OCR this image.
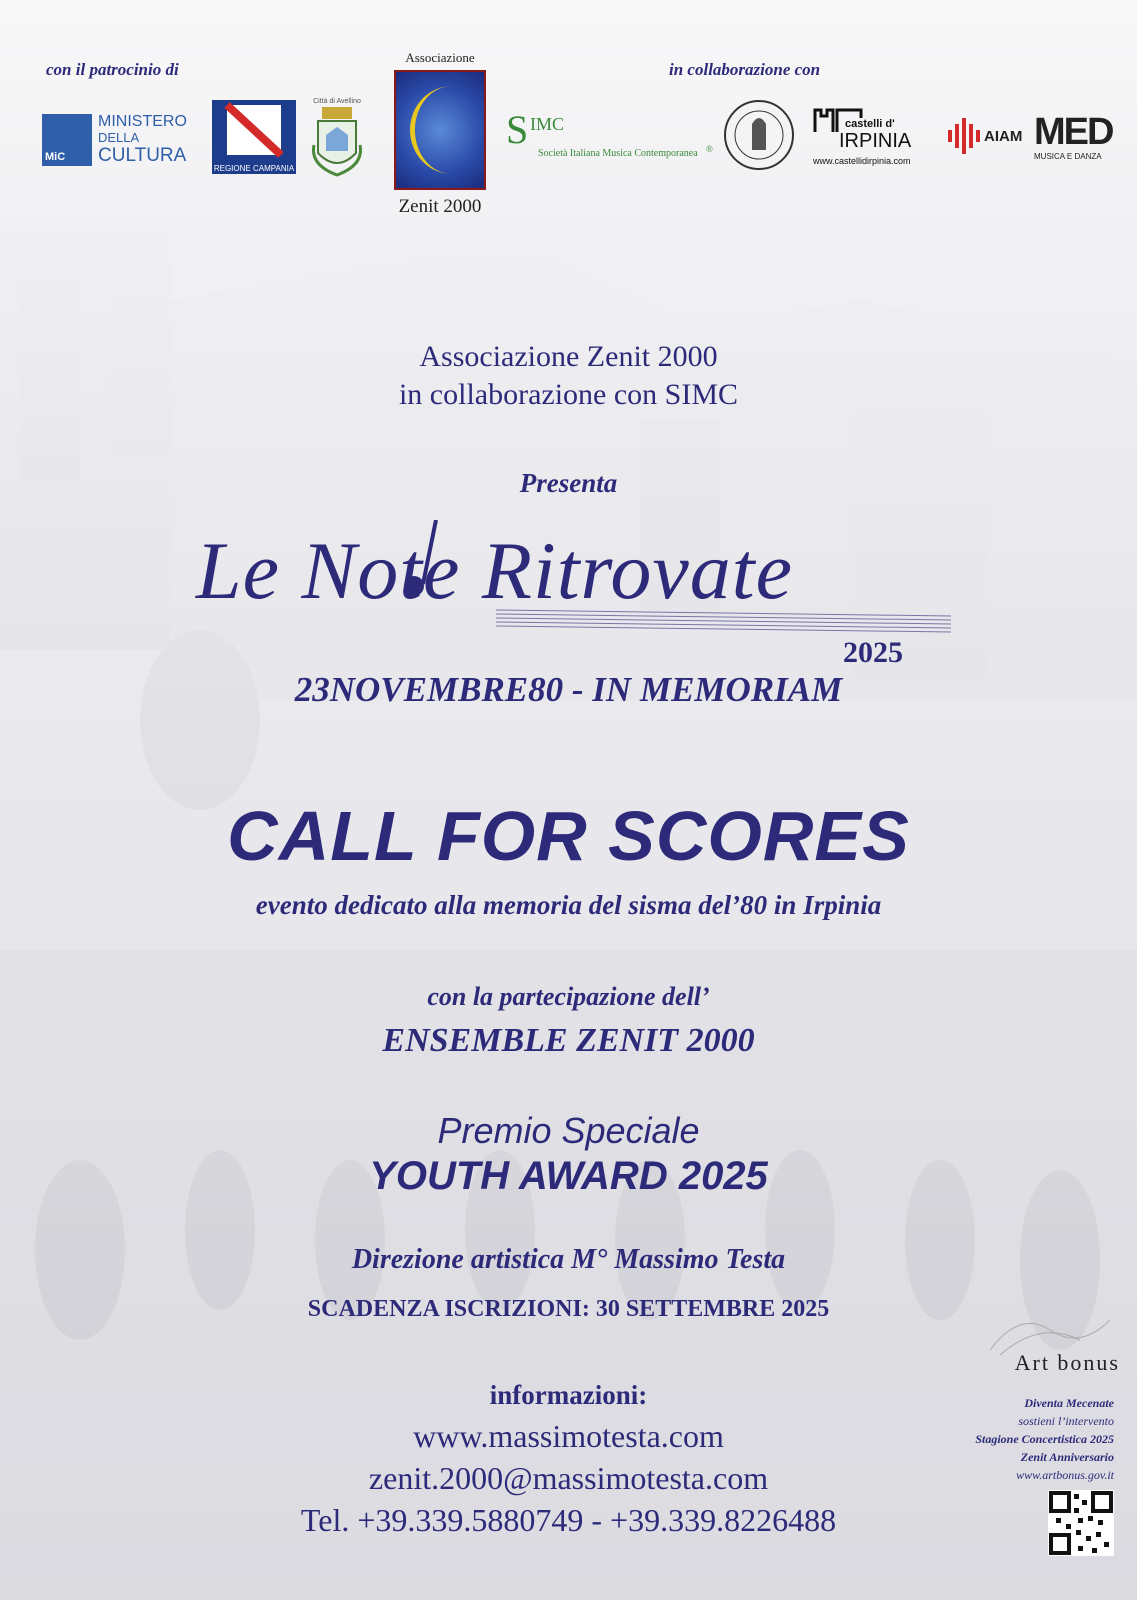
con il patrocinio di	in collaborazione con
MiC
MINISTERO
DELLA
CULTURA
REGIONE CAMPANIA
Città di Avellino
Associazione
Zenit 2000
S IMC
Società Italiana Musica Contemporanea ®
castelli d'
IRPINIA
www.castellidirpinia.com
AIAM MED
MUSICA E DANZA
Associazione Zenit 2000
in collaborazione con SIMC
Presenta
Le Note Ritrovate
2025
23NOVEMBRE80 - IN MEMORIAM
CALL FOR SCORES
evento dedicato alla memoria del sisma del’80 in Irpinia
con la partecipazione dell’
ENSEMBLE ZENIT 2000
Premio Speciale
YOUTH AWARD 2025
Direzione artistica M° Massimo Testa
SCADENZA ISCRIZIONI: 30 SETTEMBRE 2025
informazioni:
www.massimotesta.com
zenit.2000@massimotesta.com
Tel. +39.339.5880749 - +39.339.8226488
Art bonus
Diventa Mecenate
sostieni l’intervento
Stagione Concertistica 2025
Zenit Anniversario
www.artbonus.gov.it
